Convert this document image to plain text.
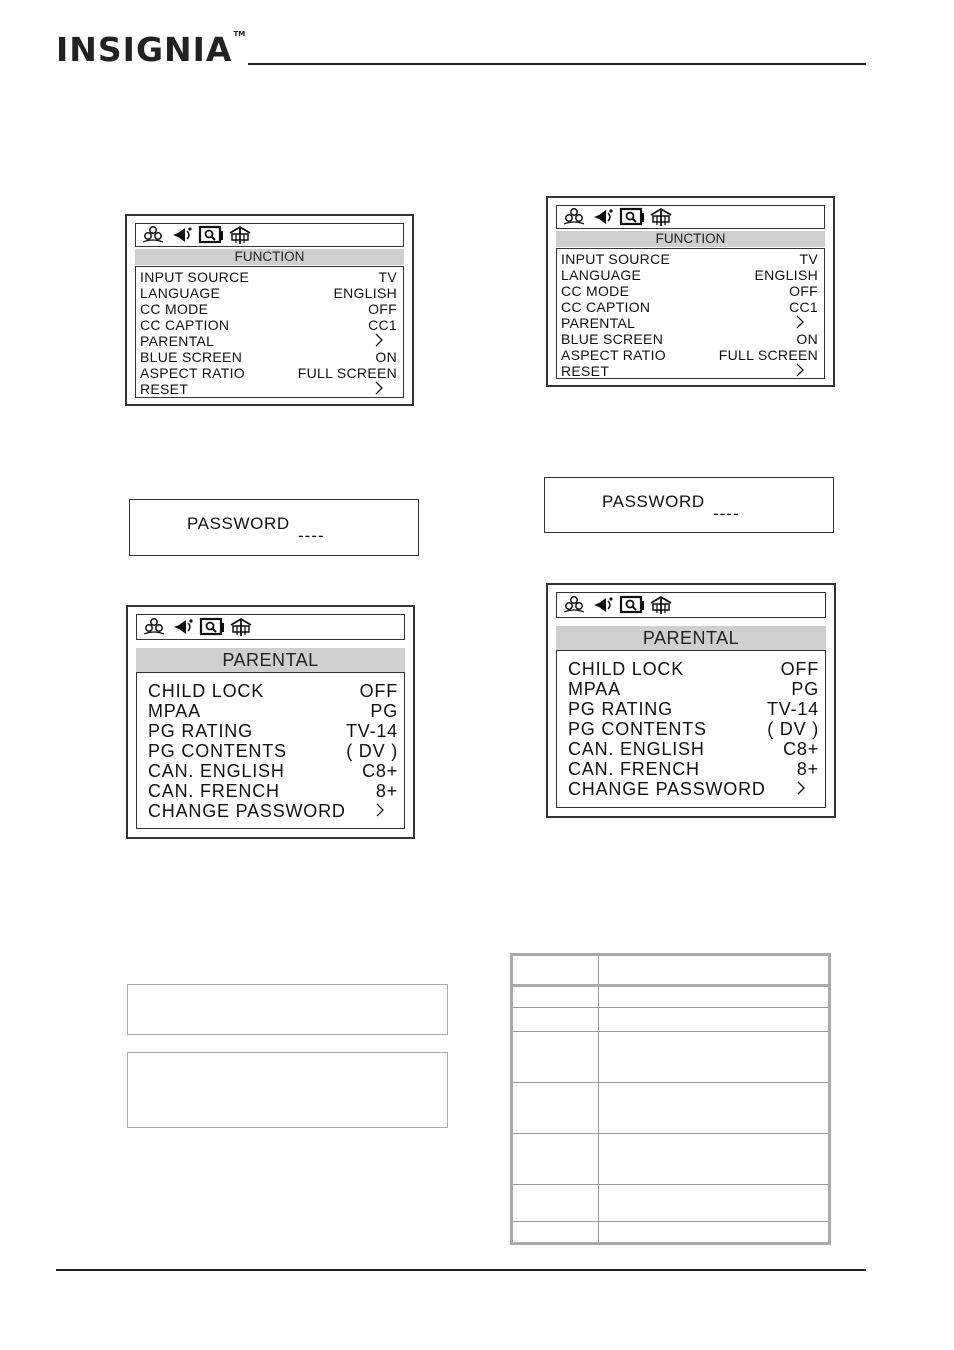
INSIGNIA™
FUNCTION
INPUT SOURCE	TV
LANGUAGE	ENGLISH
CC MODE	OFF
CC CAPTION	CC1
PARENTAL
BLUE SCREEN	ON
ASPECT RATIO	FULL SCREEN
RESET
FUNCTION
INPUT SOURCE	TV
LANGUAGE	ENGLISH
CC MODE	OFF
CC CAPTION	CC1
PARENTAL
BLUE SCREEN	ON
ASPECT RATIO	FULL SCREEN
RESET
PASSWORD
----
PASSWORD
----
PARENTAL
CHILD LOCK	OFF
MPAA	PG
PG RATING	TV-14
PG CONTENTS	( DV )
CAN. ENGLISH	C8+
CAN. FRENCH	8+
CHANGE PASSWORD
PARENTAL
CHILD LOCK	OFF
MPAA	PG
PG RATING	TV-14
PG CONTENTS	( DV )
CAN. ENGLISH	C8+
CAN. FRENCH	8+
CHANGE PASSWORD
